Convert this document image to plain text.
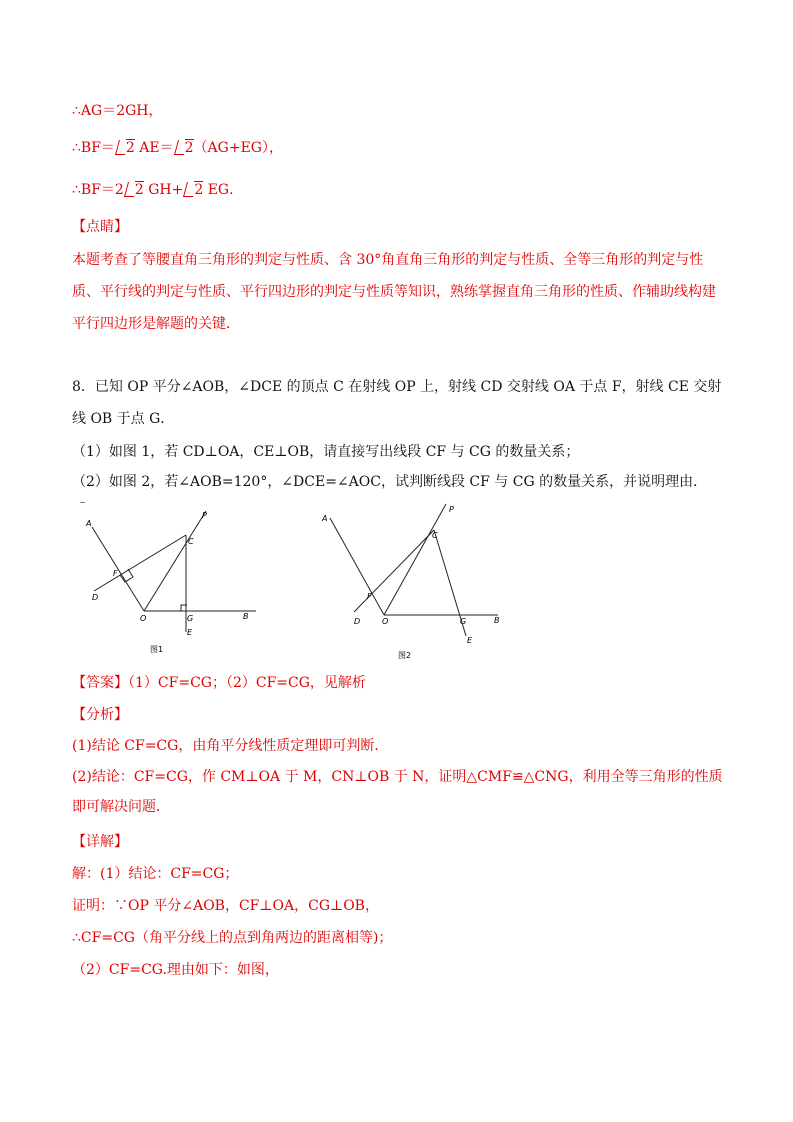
∴AG＝2GH，
∴BF＝ 2 AE＝ 2（AG+EG），
∴BF＝2 2 GH+ 2 EG．
【点睛】
本题考查了等腰直角三角形的判定与性质、含 30°角直角三角形的判定与性质、全等三角形的判定与性质、平行线的判定与性质、平行四边形的判定与性质等知识，熟练掌握直角三角形的性质、作辅助线构建平行四边形是解题的关键．
8．已知 OP 平分∠AOB，∠DCE 的顶点 C 在射线 OP 上，射线 CD 交射线 OA 于点 F，射线 CE 交射线 OB 于点 G．
（1）如图 1，若 CD⊥OA，CE⊥OB，请直接写出线段 CF 与 CG 的数量关系；
（2）如图 2，若∠AOB=120°，∠DCE=∠AOC，试判断线段 CF 与 CG 的数量关系，并说明理由．
–
A
P
C
F
D
O	G	B
E
图1
A
P
C
F
D	O	G	B
E
图2
【答案】（1）CF=CG；（2）CF=CG，见解析
【分析】
(1)结论 CF=CG，由角平分线性质定理即可判断．
(2)结论：CF=CG，作 CM⊥OA 于 M，CN⊥OB 于 N，证明△CMF≌△CNG，利用全等三角形的性质即可解决问题．
【详解】
解：(1）结论：CF=CG；
证明：∵OP 平分∠AOB，CF⊥OA，CG⊥OB，
∴CF=CG（角平分线上的点到角两边的距离相等)；
（2）CF=CG.理由如下：如图，
